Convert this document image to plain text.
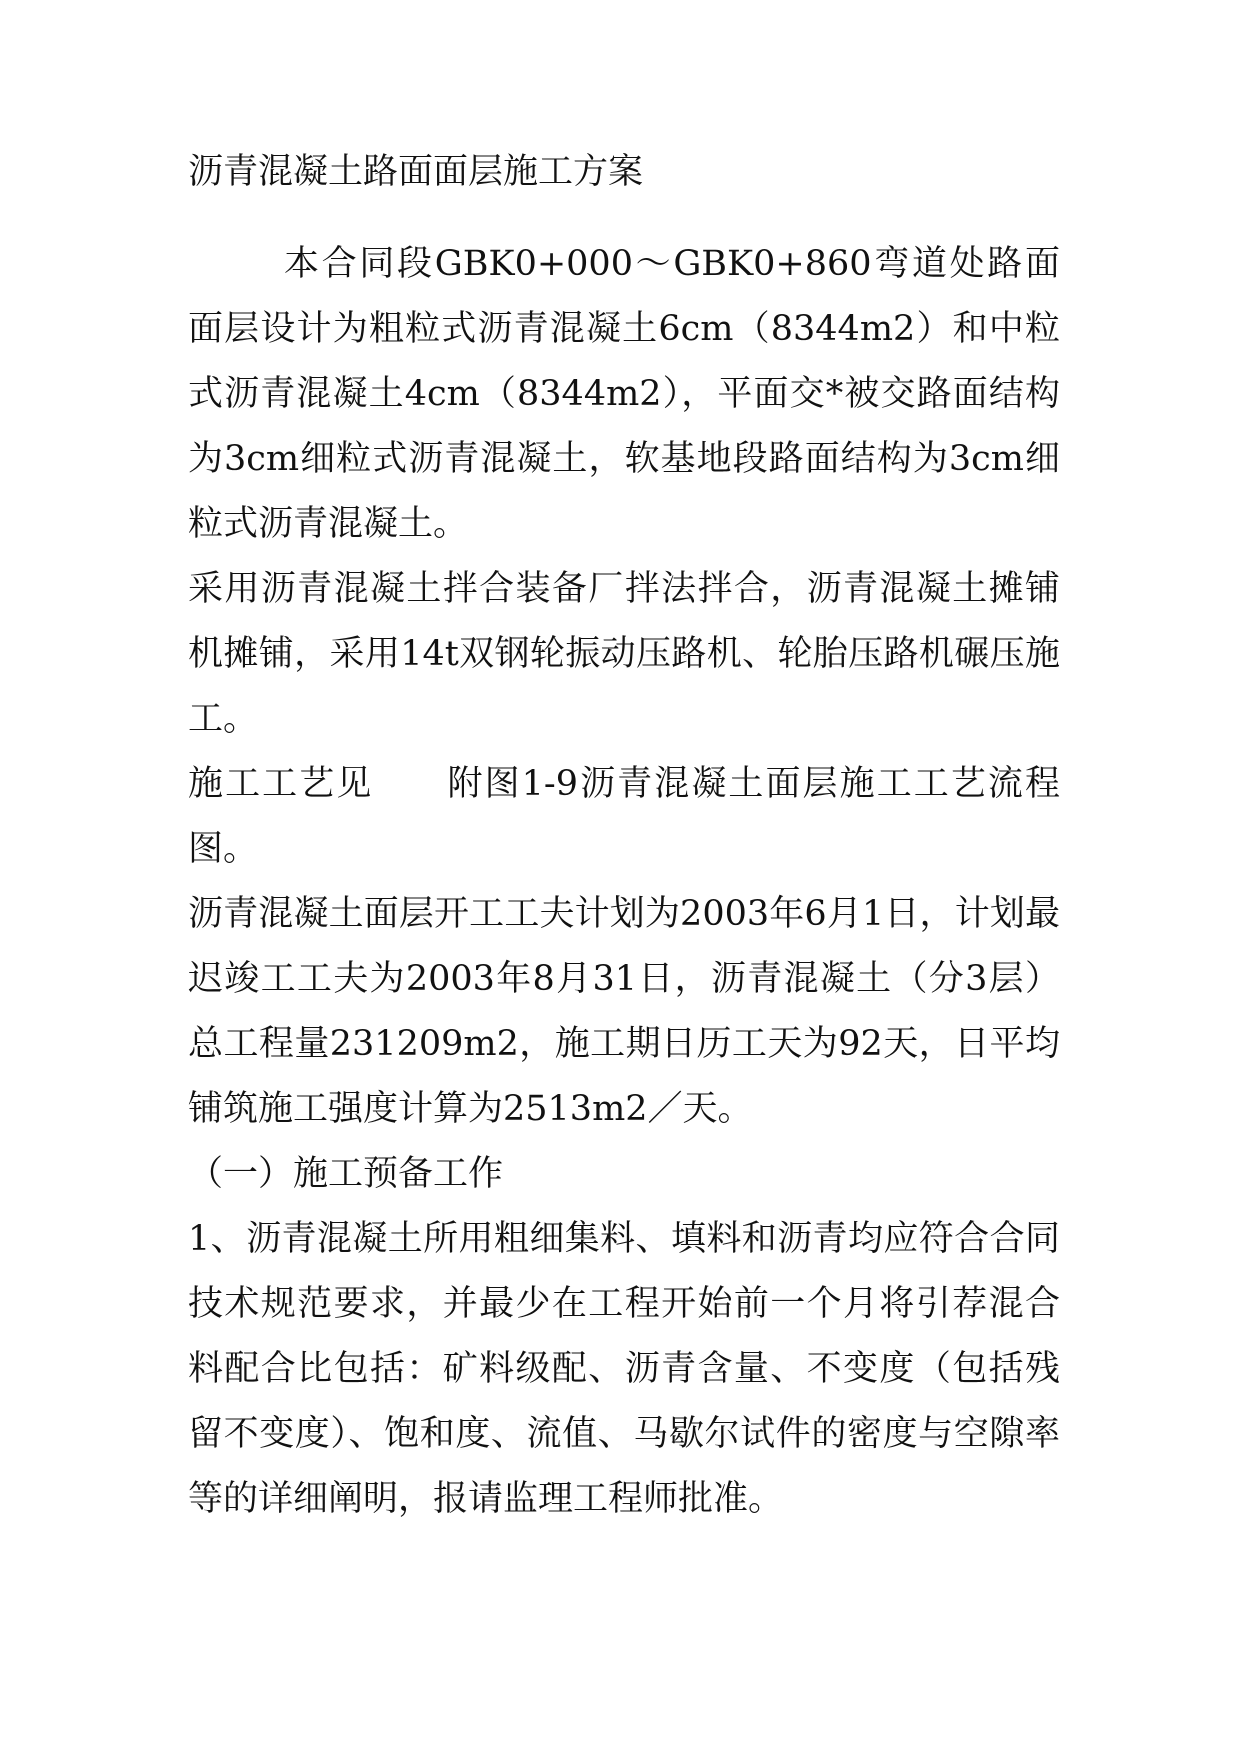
沥青混凝土路面面层施工方案

本合同段GBK0+000～GBK0+860弯道处路面面层设计为粗粒式沥青混凝土6cm（8344m2）和中粒式沥青混凝土4cm（8344m2），平面交*被交路面结构为3cm细粒式沥青混凝土，软基地段路面结构为3cm细粒式沥青混凝土。

采用沥青混凝土拌合装备厂拌法拌合，沥青混凝土摊铺机摊铺，采用14t双钢轮振动压路机、轮胎压路机碾压施工。

施工工艺见　　附图1-9沥青混凝土面层施工工艺流程图。

沥青混凝土面层开工工夫计划为2003年6月1日，计划最迟竣工工夫为2003年8月31日，沥青混凝土（分3层）总工程量231209m2，施工期日历工天为92天，日平均铺筑施工强度计算为2513m2／天。

（一）施工预备工作

1、沥青混凝土所用粗细集料、填料和沥青均应符合合同技术规范要求，并最少在工程开始前一个月将引荐混合料配合比包括：矿料级配、沥青含量、不变度（包括残留不变度）、饱和度、流值、马歇尔试件的密度与空隙率等的详细阐明，报请监理工程师批准。
